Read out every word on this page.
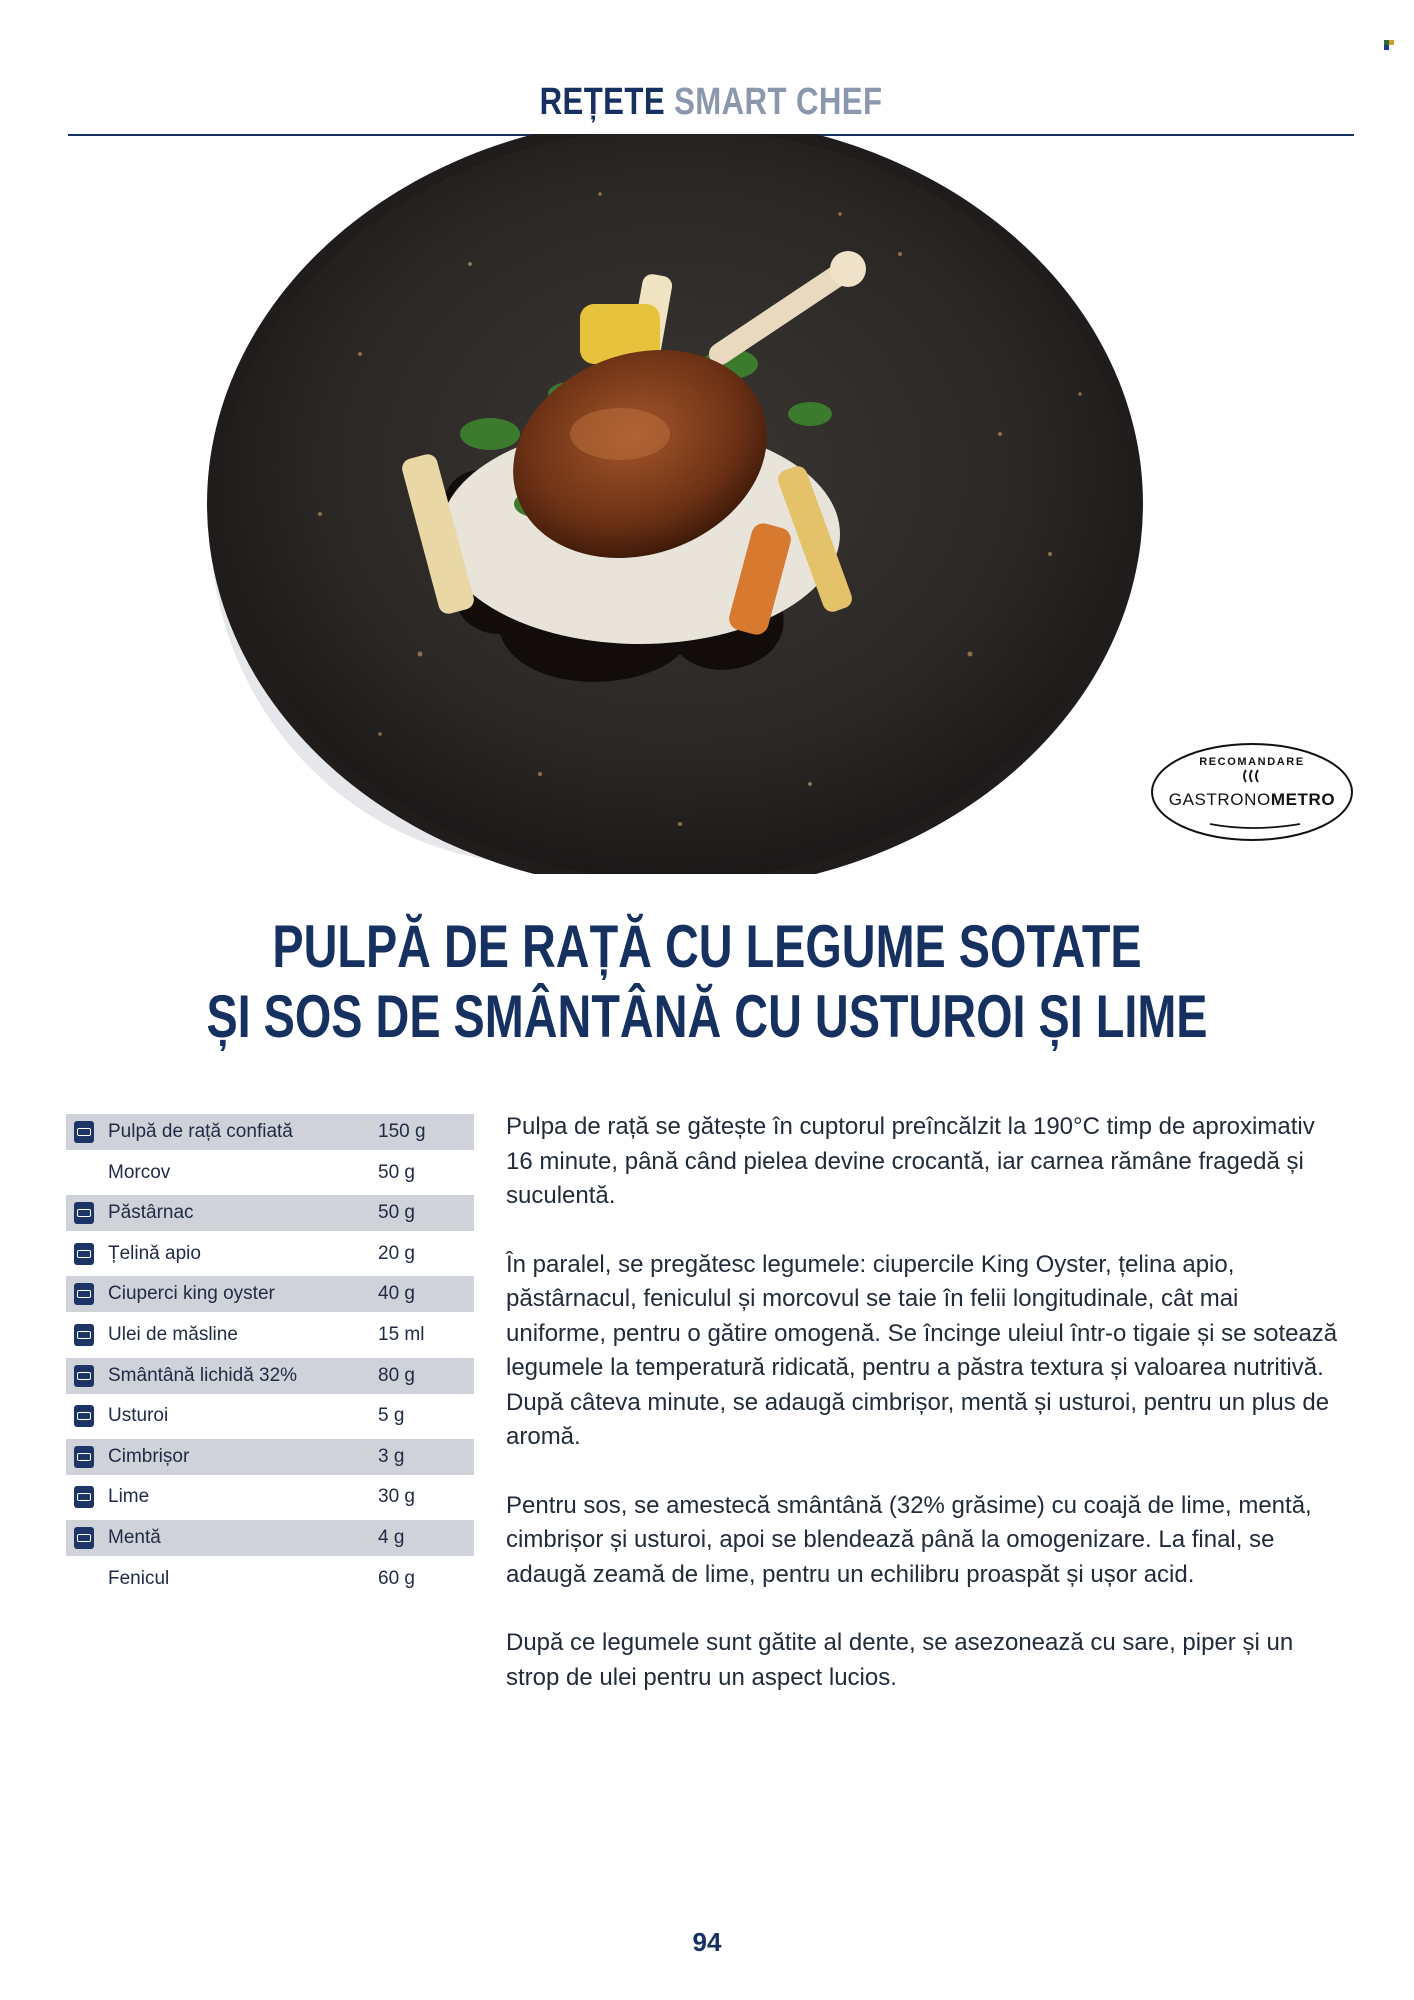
REȚETE SMART CHEF
RECOMANDARE
GASTRONOMETRO
PULPĂ DE RAȚĂ CU LEGUME SOTATE
ȘI SOS DE SMÂNTÂNĂ CU USTUROI ȘI LIME
Pulpă de rață confiată	150 g
Morcov	50 g
Păstârnac	50 g
Țelină apio	20 g
Ciuperci king oyster	40 g
Ulei de măsline	15 ml
Smântână lichidă 32%	80 g
Usturoi	5 g
Cimbrișor	3 g
Lime	30 g
Mentă	4 g
Fenicul	60 g

Pulpa de rață se gătește în cuptorul preîncălzit la 190°C timp de aproximativ 16 minute, până când pielea devine crocantă, iar carnea rămâne fragedă și suculentă.

În paralel, se pregătesc legumele: ciupercile King Oyster, țelina apio, păstârnacul, feniculul și morcovul se taie în felii longitudinale, cât mai uniforme, pentru o gătire omogenă. Se încinge uleiul într-o tigaie și se sotează legumele la temperatură ridicată, pentru a păstra textura și valoarea nutritivă. După câteva minute, se adaugă cimbrișor, mentă și usturoi, pentru un plus de aromă.

Pentru sos, se amestecă smântână (32% grăsime) cu coajă de lime, mentă, cimbrișor și usturoi, apoi se blendează până la omogenizare. La final, se adaugă zeamă de lime, pentru un echilibru proaspăt și ușor acid.

După ce legumele sunt gătite al dente, se asezonează cu sare, piper și un strop de ulei pentru un aspect lucios.

94
